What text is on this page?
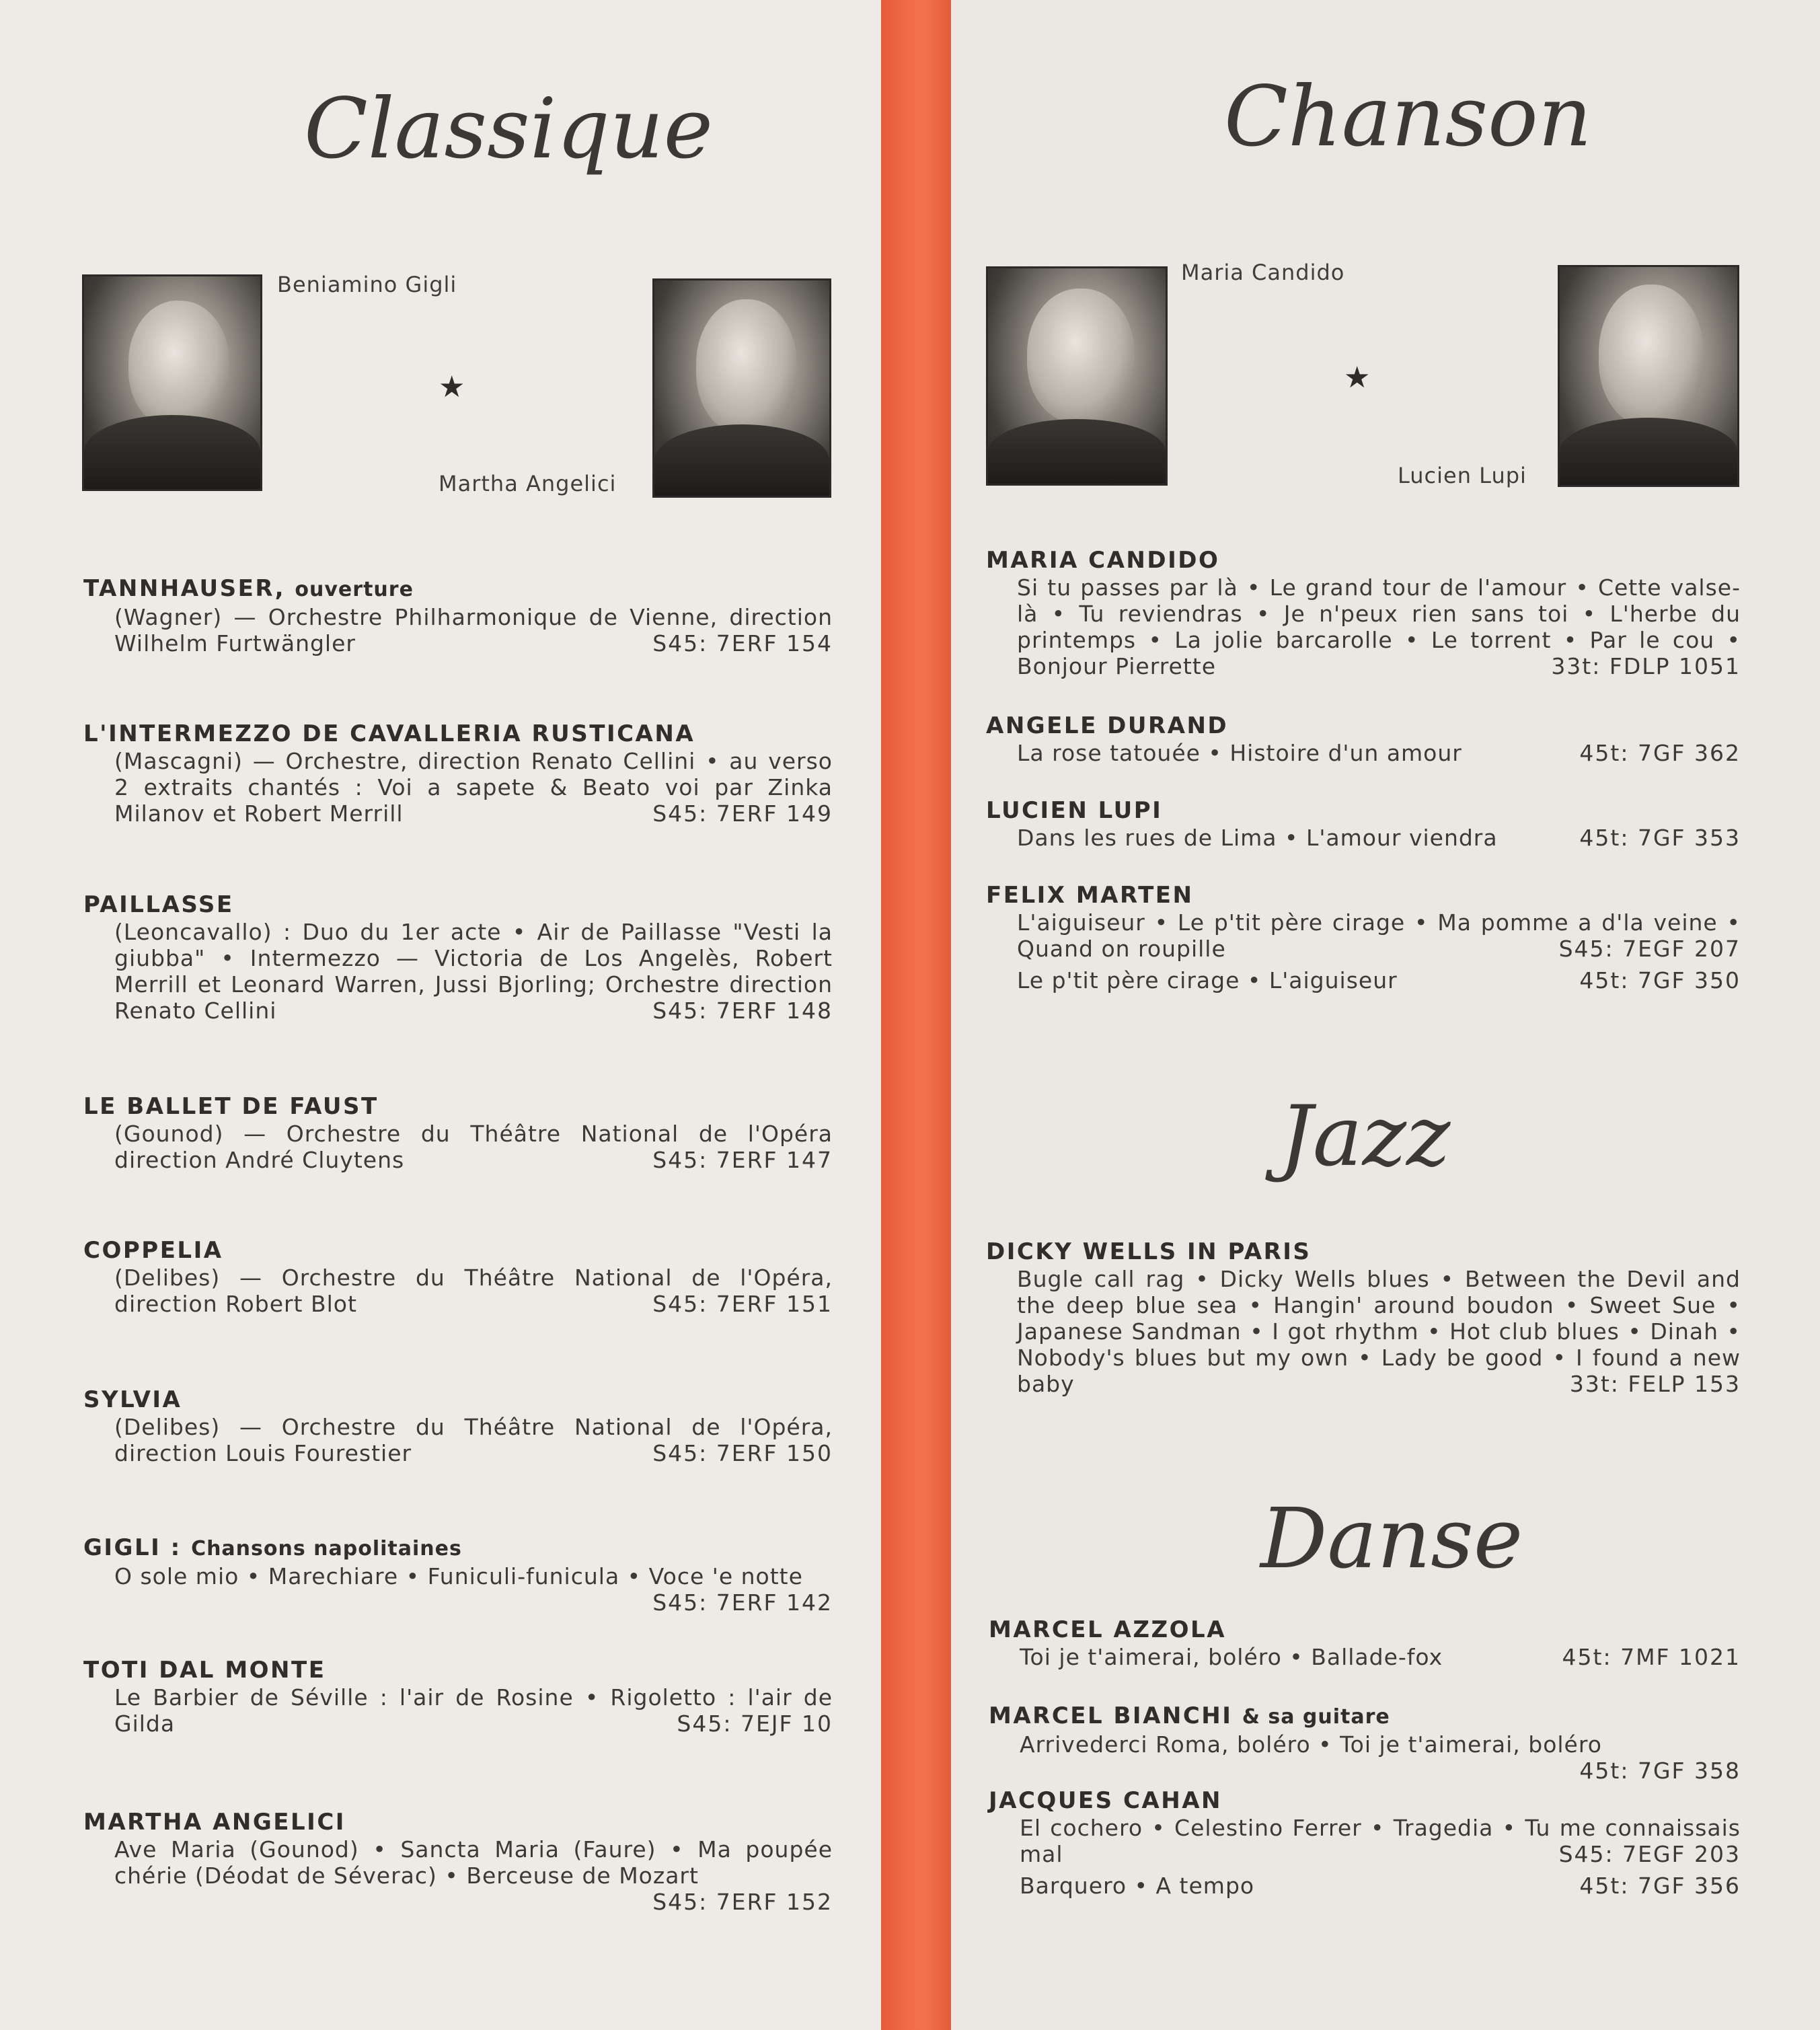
Classique
Beniamino Gigli
★
Martha Angelici
TANNHAUSER, ouverture
(Wagner) — Orchestre Philharmonique de Vienne, direction Wilhelm Furtwängler	S45: 7ERF 154
L'INTERMEZZO DE CAVALLERIA RUSTICANA
(Mascagni) — Orchestre, direction Renato Cellini • au verso 2 extraits chantés : Voi a sapete & Beato voi par Zinka Milanov et Robert Merrill	S45: 7ERF 149
PAILLASSE
(Leoncavallo) : Duo du 1er acte • Air de Paillasse "Vesti la giubba" • Intermezzo — Victoria de Los Angelès, Robert Merrill et Leonard Warren, Jussi Bjorling; Orchestre direction Renato Cellini	S45: 7ERF 148
LE BALLET DE FAUST
(Gounod) — Orchestre du Théâtre National de l'Opéra direction André Cluytens	S45: 7ERF 147
COPPELIA
(Delibes) — Orchestre du Théâtre National de l'Opéra, direction Robert Blot	S45: 7ERF 151
SYLVIA
(Delibes) — Orchestre du Théâtre National de l'Opéra, direction Louis Fourestier	S45: 7ERF 150
GIGLI : Chansons napolitaines
O sole mio • Marechiare • Funiculi-funicula • Voce 'e notte
S45: 7ERF 142
TOTI DAL MONTE
Le Barbier de Séville : l'air de Rosine • Rigoletto : l'air de Gilda	S45: 7EJF 10
MARTHA ANGELICI
Ave Maria (Gounod) • Sancta Maria (Faure) • Ma poupée chérie (Déodat de Séverac) • Berceuse de Mozart
S45: 7ERF 152
Chanson
Maria Candido
★
Lucien Lupi
MARIA CANDIDO
Si tu passes par là • Le grand tour de l'amour • Cette valse-là • Tu reviendras • Je n'peux rien sans toi • L'herbe du printemps • La jolie barcarolle • Le torrent • Par le cou • Bonjour Pierrette	33t: FDLP 1051
ANGELE DURAND
La rose tatouée • Histoire d'un amour	45t: 7GF 362
LUCIEN LUPI
Dans les rues de Lima • L'amour viendra	45t: 7GF 353
FELIX MARTEN
L'aiguiseur • Le p'tit père cirage • Ma pomme a d'la veine • Quand on roupille	S45: 7EGF 207
Le p'tit père cirage • L'aiguiseur	45t: 7GF 350
Jazz
DICKY WELLS IN PARIS
Bugle call rag • Dicky Wells blues • Between the Devil and the deep blue sea • Hangin' around boudon • Sweet Sue • Japanese Sandman • I got rhythm • Hot club blues • Dinah • Nobody's blues but my own • Lady be good • I found a new baby	33t: FELP 153
Danse
MARCEL AZZOLA
Toi je t'aimerai, boléro • Ballade-fox	45t: 7MF 1021
MARCEL BIANCHI & sa guitare
Arrivederci Roma, boléro • Toi je t'aimerai, boléro
45t: 7GF 358
JACQUES CAHAN
El cochero • Celestino Ferrer • Tragedia • Tu me connaissais mal	S45: 7EGF 203
Barquero • A tempo	45t: 7GF 356
